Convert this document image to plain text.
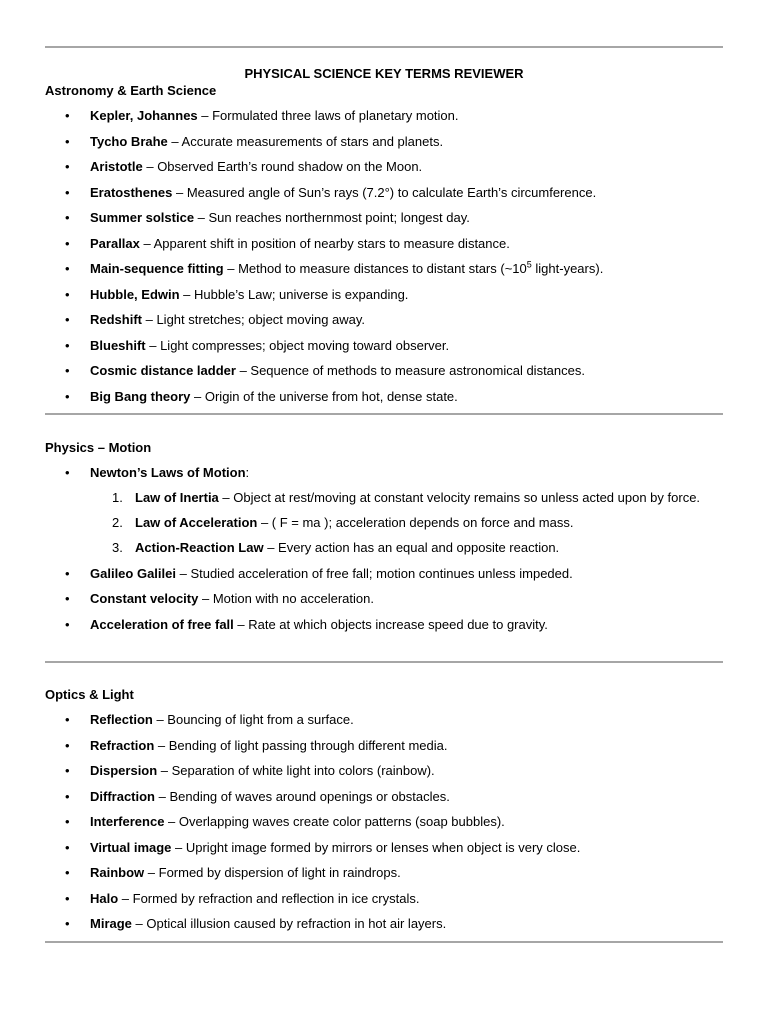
PHYSICAL SCIENCE KEY TERMS REVIEWER
Astronomy & Earth Science
• Kepler, Johannes – Formulated three laws of planetary motion.
• Tycho Brahe – Accurate measurements of stars and planets.
• Aristotle – Observed Earth’s round shadow on the Moon.
• Eratosthenes – Measured angle of Sun’s rays (7.2°) to calculate Earth’s circumference.
• Summer solstice – Sun reaches northernmost point; longest day.
• Parallax – Apparent shift in position of nearby stars to measure distance.
• Main-sequence fitting – Method to measure distances to distant stars ($\sim 10^5$ light-years).
• Hubble, Edwin – Hubble’s Law; universe is expanding.
• Redshift – Light stretches; object moving away.
• Blueshift – Light compresses; object moving toward observer.
• Cosmic distance ladder – Sequence of methods to measure astronomical distances.
• Big Bang theory – Origin of the universe from hot, dense state.
Physics – Motion
• Newton’s Laws of Motion:
1. Law of Inertia – Object at rest/moving at constant velocity remains so unless acted upon by force.
2. Law of Acceleration – ( F = ma ); acceleration depends on force and mass.
3. Action-Reaction Law – Every action has an equal and opposite reaction.
• Galileo Galilei – Studied acceleration of free fall; motion continues unless impeded.
• Constant velocity – Motion with no acceleration.
• Acceleration of free fall – Rate at which objects increase speed due to gravity.
Optics & Light
• Reflection – Bouncing of light from a surface.
• Refraction – Bending of light passing through different media.
• Dispersion – Separation of white light into colors (rainbow).
• Diffraction – Bending of waves around openings or obstacles.
• Interference – Overlapping waves create color patterns (soap bubbles).
• Virtual image – Upright image formed by mirrors or lenses when object is very close.
• Rainbow – Formed by dispersion of light in raindrops.
• Halo – Formed by refraction and reflection in ice crystals.
• Mirage – Optical illusion caused by refraction in hot air layers.
